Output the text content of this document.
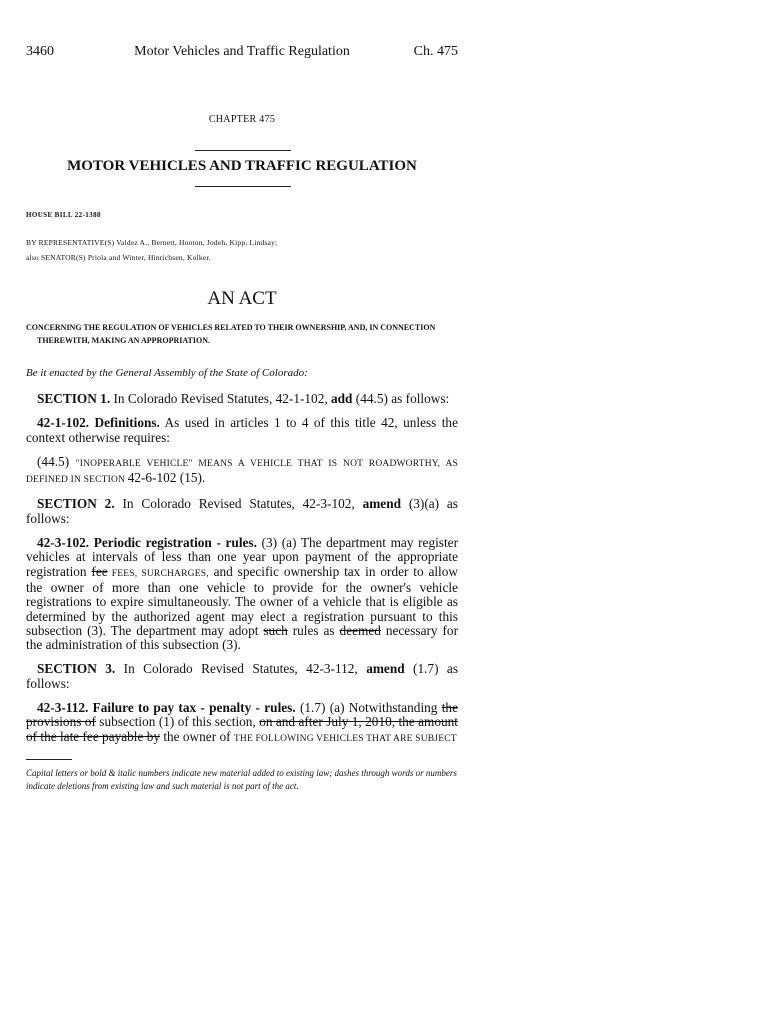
3460	Motor Vehicles and Traffic Regulation	Ch. 475
CHAPTER 475
MOTOR VEHICLES AND TRAFFIC REGULATION
HOUSE BILL 22-1388
BY REPRESENTATIVE(S) Valdez A., Bernett, Hooton, Jodeh, Kipp, Lindsay;
also SENATOR(S) Priola and Winter, Hinrichsen, Kolker.
AN ACT
CONCERNING THE REGULATION OF VEHICLES RELATED TO THEIR OWNERSHIP, AND, IN CONNECTION
THEREWITH, MAKING AN APPROPRIATION.
Be it enacted by the General Assembly of the State of Colorado:

SECTION 1. In Colorado Revised Statutes, 42-1-102, add (44.5) as follows:

42-1-102. Definitions. As used in articles 1 to 4 of this title 42, unless the context otherwise requires:

(44.5) "INOPERABLE VEHICLE" MEANS A VEHICLE THAT IS NOT ROADWORTHY, AS DEFINED IN SECTION 42-6-102 (15).

SECTION 2. In Colorado Revised Statutes, 42-3-102, amend (3)(a) as follows:

42-3-102. Periodic registration - rules. (3) (a) The department may register vehicles at intervals of less than one year upon payment of the appropriate registration fee FEES, SURCHARGES, and specific ownership tax in order to allow the owner of more than one vehicle to provide for the owner's vehicle registrations to expire simultaneously. The owner of a vehicle that is eligible as determined by the authorized agent may elect a registration pursuant to this subsection (3). The department may adopt such rules as deemed necessary for the administration of this subsection (3).

SECTION 3. In Colorado Revised Statutes, 42-3-112, amend (1.7) as follows:

42-3-112. Failure to pay tax - penalty - rules. (1.7) (a) Notwithstanding the provisions of subsection (1) of this section, on and after July 1, 2010, the amount of the late fee payable by the owner of THE FOLLOWING VEHICLES THAT ARE SUBJECT

Capital letters or bold & italic numbers indicate new material added to existing law; dashes through words or numbers indicate deletions from existing law and such material is not part of the act.
